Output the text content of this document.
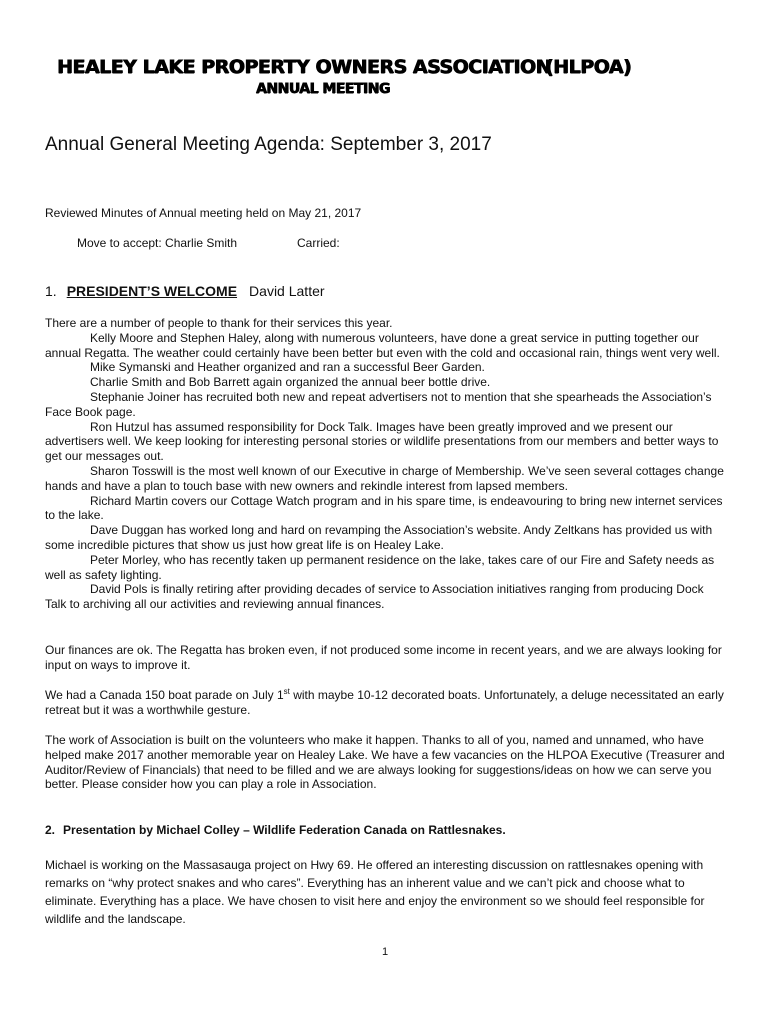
HEALEY LAKE PROPERTY OWNERS ASSOCIATION
(HLPOA)
ANNUAL MEETING
Annual General Meeting Agenda: September 3, 2017
Reviewed Minutes of Annual meeting held on May 21, 2017
Move to accept: Charlie Smith	Carried:
1. PRESIDENT’S WELCOME David Latter

There are a number of people to thank for their services this year.

Kelly Moore and Stephen Haley, along with numerous volunteers, have done a great service in putting together our annual Regatta. The weather could certainly have been better but even with the cold and occasional rain, things went very well.

Mike Symanski and Heather organized and ran a successful Beer Garden.

Charlie Smith and Bob Barrett again organized the annual beer bottle drive.

Stephanie Joiner has recruited both new and repeat advertisers not to mention that she spearheads the Association’s Face Book page.

Ron Hutzul has assumed responsibility for Dock Talk. Images have been greatly improved and we present our advertisers well. We keep looking for interesting personal stories or wildlife presentations from our members and better ways to get our messages out.

Sharon Tosswill is the most well known of our Executive in charge of Membership. We’ve seen several cottages change hands and have a plan to touch base with new owners and rekindle interest from lapsed members.

Richard Martin covers our Cottage Watch program and in his spare time, is endeavouring to bring new internet services to the lake.

Dave Duggan has worked long and hard on revamping the Association’s website. Andy Zeltkans has provided us with some incredible pictures that show us just how great life is on Healey Lake.

Peter Morley, who has recently taken up permanent residence on the lake, takes care of our Fire and Safety needs as well as safety lighting.

David Pols is finally retiring after providing decades of service to Association initiatives ranging from producing Dock Talk to archiving all our activities and reviewing annual finances.

Our finances are ok. The Regatta has broken even, if not produced some income in recent years, and we are always looking for input on ways to improve it.
We had a Canada 150 boat parade on July 1st with maybe 10-12 decorated boats. Unfortunately, a deluge necessitated an early retreat but it was a worthwhile gesture.
The work of Association is built on the volunteers who make it happen. Thanks to all of you, named and unnamed, who have helped make 2017 another memorable year on Healey Lake. We have a few vacancies on the HLPOA Executive (Treasurer and Auditor/Review of Financials) that need to be filled and we are always looking for suggestions/ideas on how we can serve you better. Please consider how you can play a role in Association.
2. Presentation by Michael Colley – Wildlife Federation Canada on Rattlesnakes.

Michael is working on the Massasauga project on Hwy 69. He offered an interesting discussion on rattlesnakes opening with remarks on “why protect snakes and who cares”. Everything has an inherent value and we can’t pick and choose what to eliminate. Everything has a place. We have chosen to visit here and enjoy the environment so we should feel responsible for wildlife and the landscape.

1
